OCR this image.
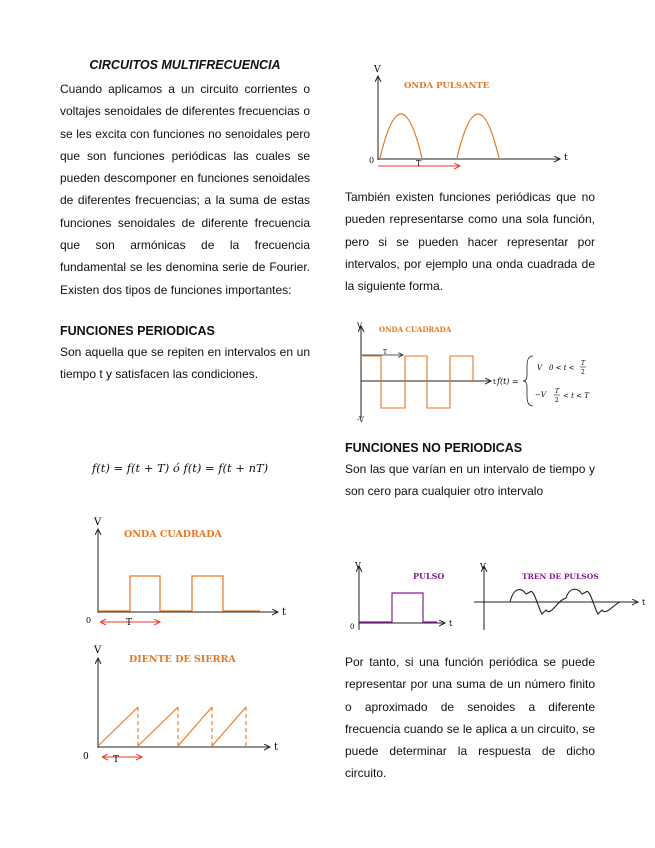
CIRCUITOS MULTIFRECUENCIA

Cuando aplicamos a un circuito corrientes o voltajes senoidales de diferentes frecuencias o se les excita con funciones no senoidales pero que son funciones periódicas las cuales se pueden descomponer en funciones senoidales de diferentes frecuencias; a la suma de estas funciones senoidales de diferente frecuencia que son armónicas de la frecuencia fundamental se les denomina serie de Fourier. Existen dos tipos de funciones importantes:

FUNCIONES PERIODICAS

Son aquella que se repiten en intervalos en un tiempo t y satisfacen las condiciones.

f(t) = f(t + T) ó f(t) = f(t + nT)
V
t
0	T
ONDA CUADRADA
V
t
0	T
DIENTE DE SIERRA
V
t
0	T
ONDA PULSANTE

También existen funciones periódicas que no pueden representarse como una sola función, pero si se pueden hacer representar por intervalos, por ejemplo una onda cuadrada de la siguiente forma.

V
t
-V
T
ONDA CUADRADA
f(t) =
V 0 < t <
T
2
−V T
2
< t < T

FUNCIONES NO PERIODICAS

Son las que varían en un intervalo de tiempo y son cero para cualquier otro intervalo

V
t
0
PULSO
V
t
TREN DE PULSOS

Por tanto, si una función periódica se puede representar por una suma de un número finito o aproximado de senoides a diferente frecuencia cuando se le aplica a un circuito, se puede determinar la respuesta de dicho circuito.
